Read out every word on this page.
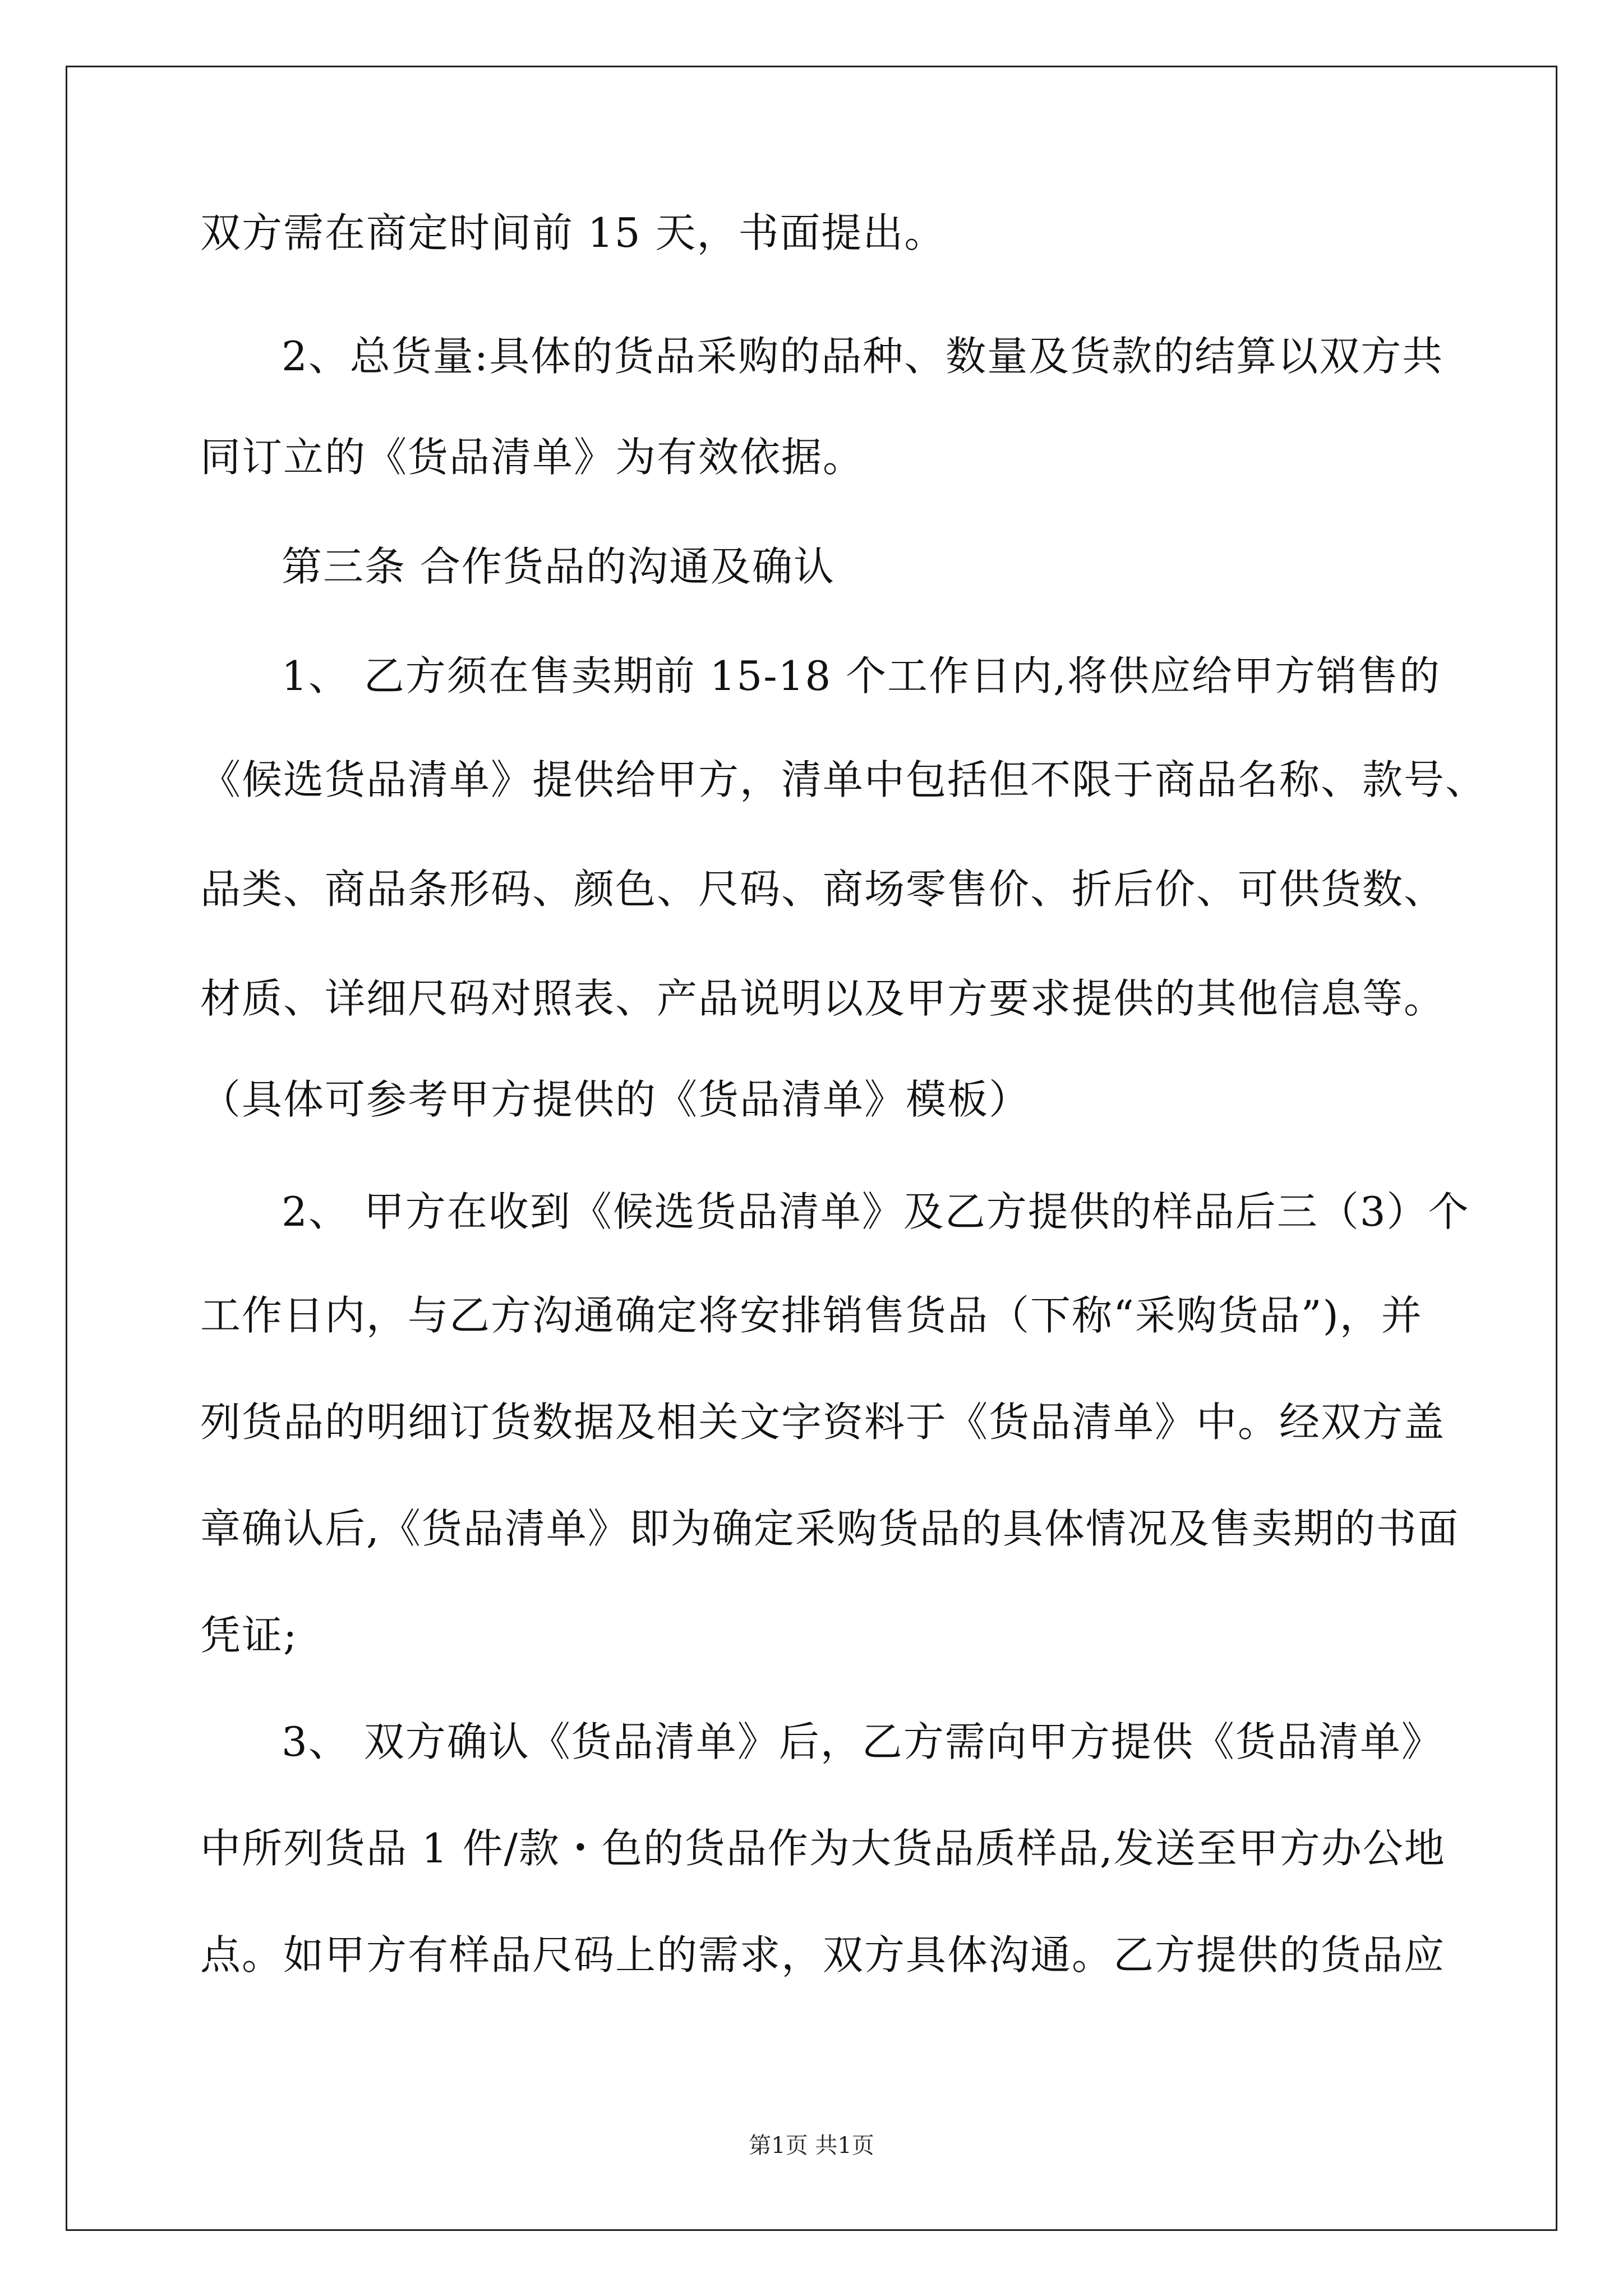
双方需在商定时间前 15 天，书面提出。
2、总货量:具体的货品采购的品种、数量及货款的结算以双方共
同订立的《货品清单》为有效依据。
第三条 合作货品的沟通及确认
1、 乙方须在售卖期前 15-18 个工作日内,将供应给甲方销售的
《候选货品清单》提供给甲方，清单中包括但不限于商品名称、款号、
品类、商品条形码、颜色、尺码、商场零售价、折后价、可供货数、
材质、详细尺码对照表、产品说明以及甲方要求提供的其他信息等。
（具体可参考甲方提供的《货品清单》模板）
2、 甲方在收到《候选货品清单》及乙方提供的样品后三（3）个
工作日内，与乙方沟通确定将安排销售货品（下称“采购货品”)，并
列货品的明细订货数据及相关文字资料于《货品清单》中。经双方盖
章确认后,《货品清单》即为确定采购货品的具体情况及售卖期的书面
凭证;
3、 双方确认《货品清单》后，乙方需向甲方提供《货品清单》
中所列货品 1 件/款・色的货品作为大货品质样品,发送至甲方办公地
点。如甲方有样品尺码上的需求，双方具体沟通。乙方提供的货品应
第1页 共1页
